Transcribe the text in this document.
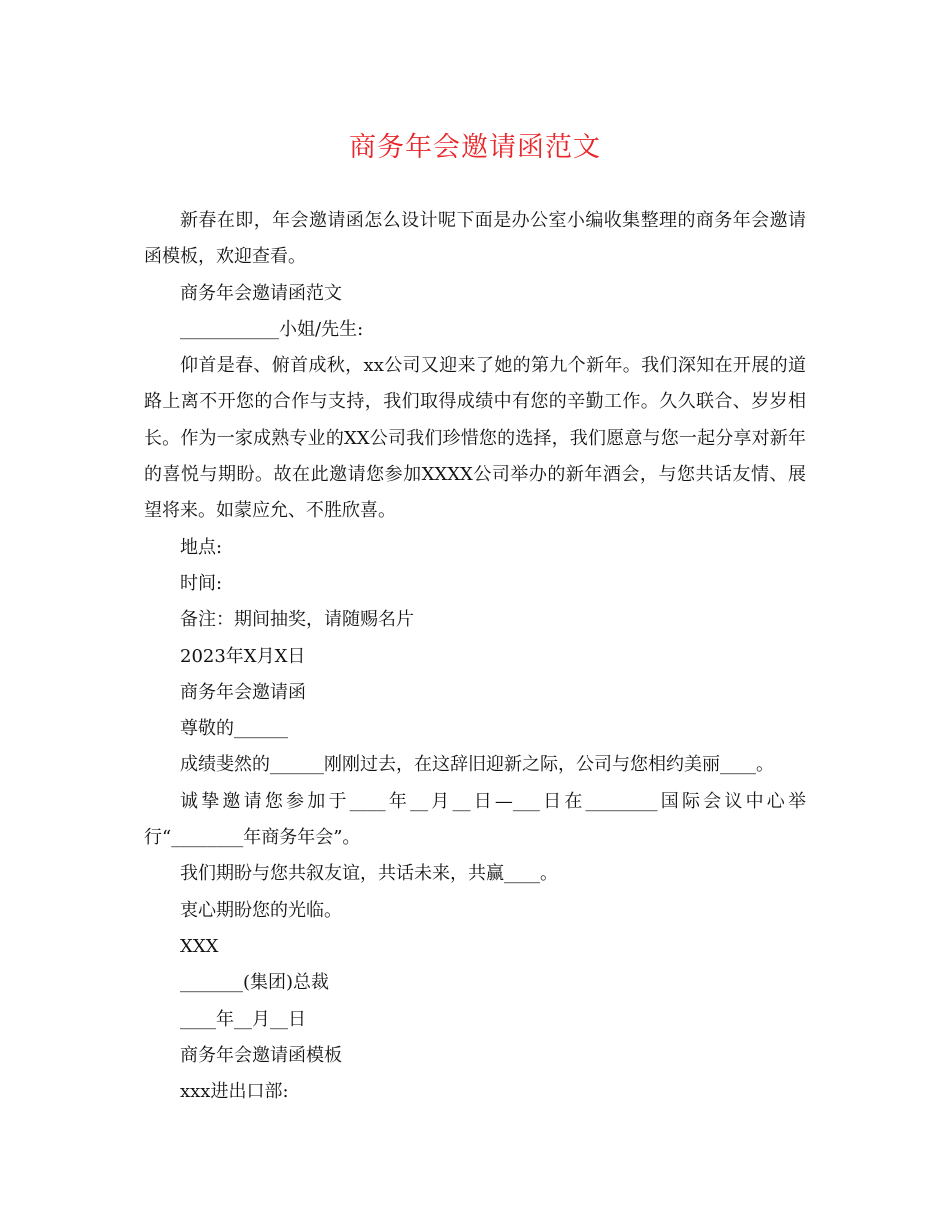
商务年会邀请函范文

新春在即，年会邀请函怎么设计呢下面是办公室小编收集整理的商务年会邀请函模板，欢迎查看。

商务年会邀请函范文

___________小姐/先生:

仰首是春、俯首成秋，xx公司又迎来了她的第九个新年。我们深知在开展的道路上离不开您的合作与支持，我们取得成绩中有您的辛勤工作。久久联合、岁岁相长。作为一家成熟专业的XX公司我们珍惜您的选择，我们愿意与您一起分享对新年的喜悦与期盼。故在此邀请您参加XXXX公司举办的新年酒会，与您共话友情、展望将来。如蒙应允、不胜欣喜。

地点:

时间:

备注：期间抽奖，请随赐名片

2023年X月X日

商务年会邀请函

尊敬的______

成绩斐然的______刚刚过去，在这辞旧迎新之际，公司与您相约美丽____。

诚挚邀请您参加于____年__月__日—___日在________国际会议中心举行“________年商务年会”。

我们期盼与您共叙友谊，共话未来，共赢____。

衷心期盼您的光临。

XXX

_______(集团)总裁

____年__月__日

商务年会邀请函模板

xxx进出口部:
